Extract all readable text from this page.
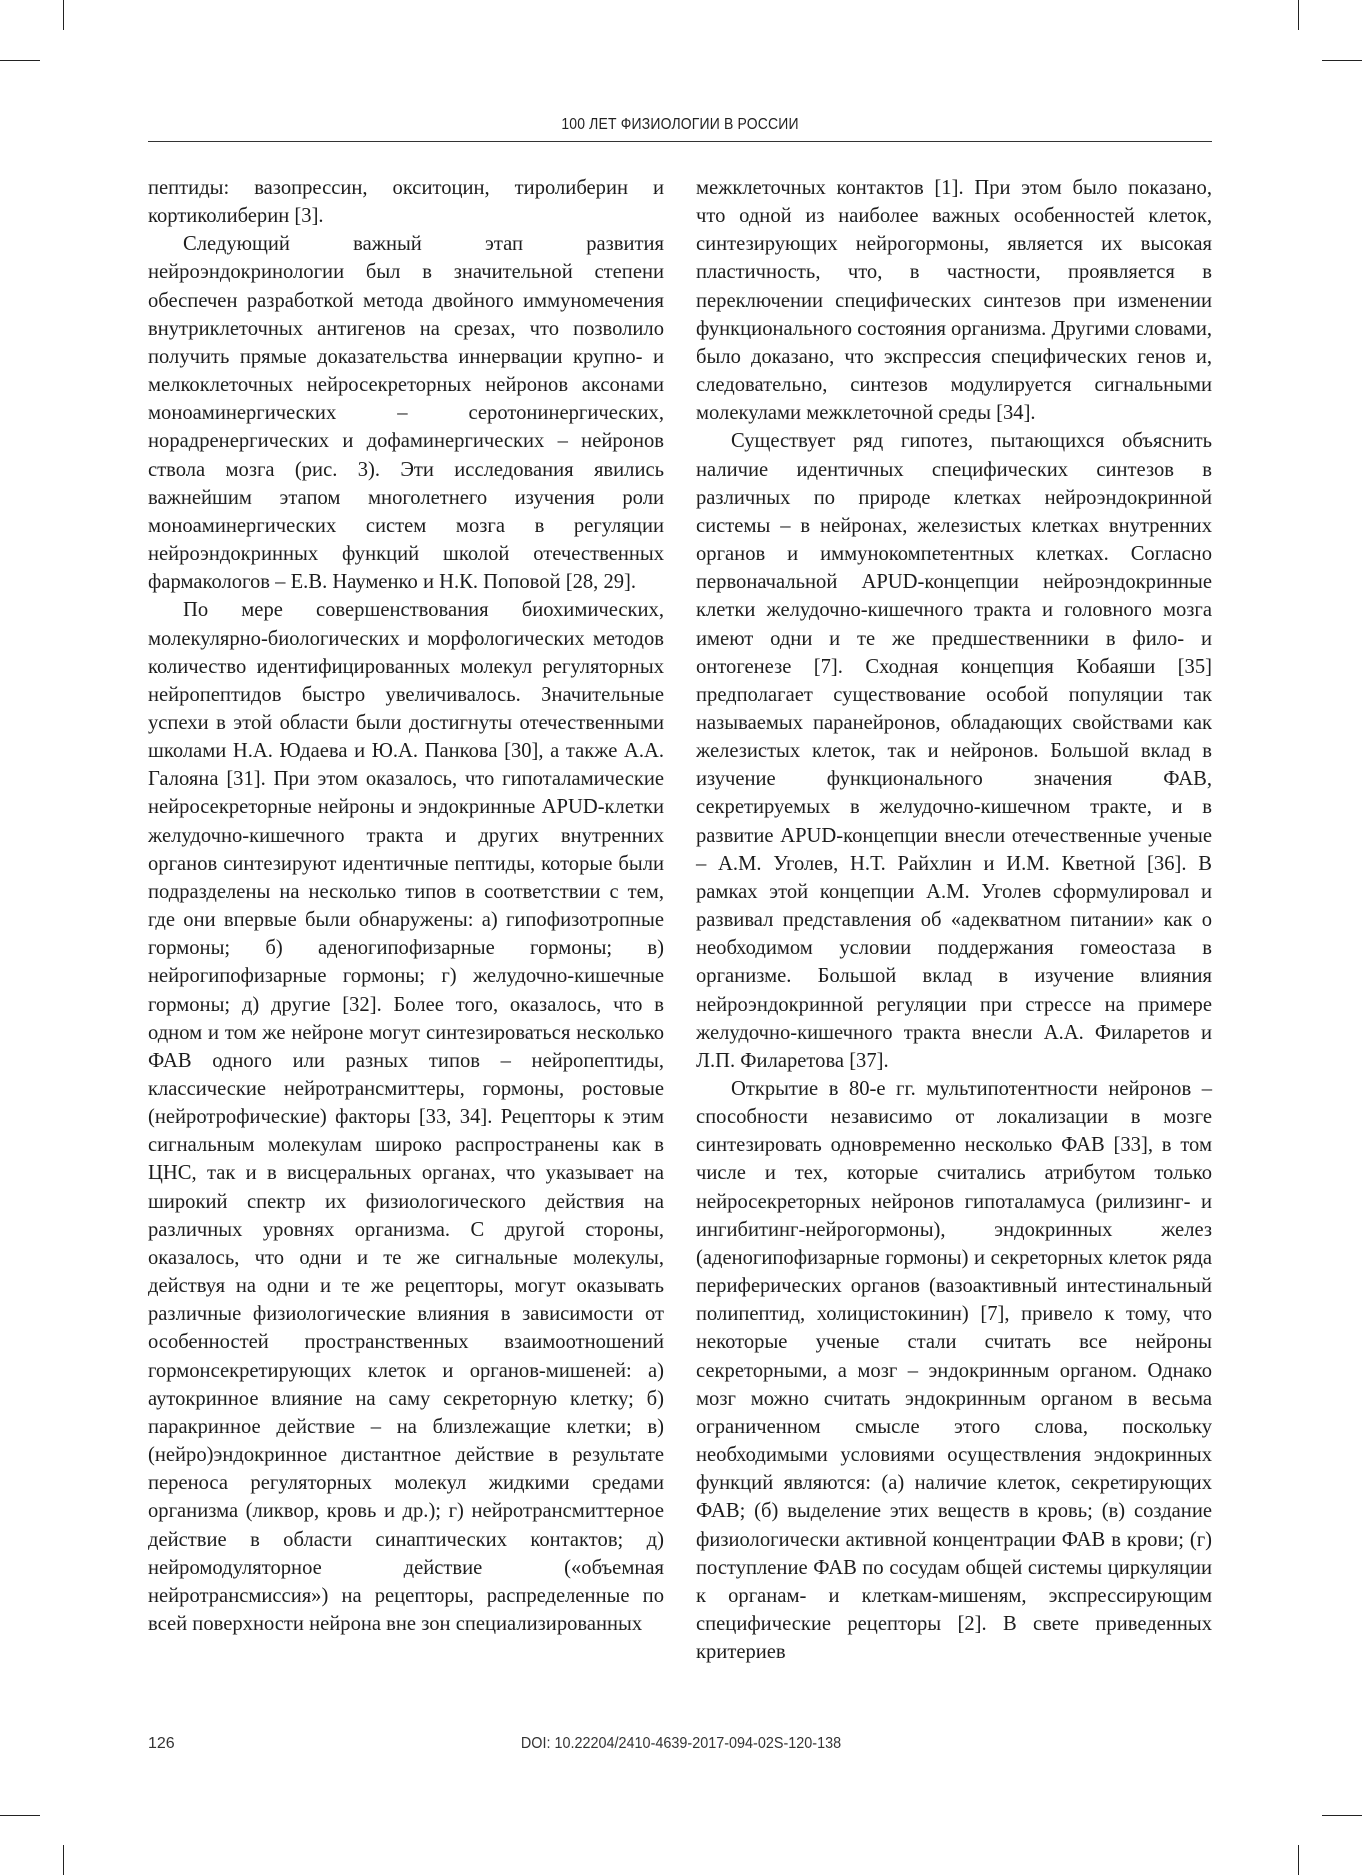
100 ЛЕТ ФИЗИОЛОГИИ В РОССИИ

пептиды: вазопрессин, окситоцин, тиролиберин и кортиколиберин [3].

Следующий важный этап развития нейроэндокринологии был в значительной степени обеспечен разработкой метода двойного иммуномечения внутриклеточных антигенов на срезах, что позволило получить прямые доказательства иннервации крупно- и мелкоклеточных нейросекреторных нейронов аксонами моноаминергических – серотонинергических, норадренергических и дофаминергических – нейронов ствола мозга (рис. 3). Эти исследования явились важнейшим этапом многолетнего изучения роли моноаминергических систем мозга в регуляции нейроэндокринных функций школой отечественных фармакологов – Е.В. Науменко и Н.К. Поповой [28, 29].

По мере совершенствования биохимических, молекулярно-биологических и морфологических методов количество идентифицированных молекул регуляторных нейропептидов быстро увеличивалось. Значительные успехи в этой области были достигнуты отечественными школами Н.А. Юдаева и Ю.А. Панкова [30], а также А.А. Галояна [31]. При этом оказалось, что гипоталамические нейросекреторные нейроны и эндокринные APUD-клетки желудочно-кишечного тракта и других внутренних органов синтезируют идентичные пептиды, которые были подразделены на несколько типов в соответствии с тем, где они впервые были обнаружены: а) гипофизотропные гормоны; б) аденогипофизарные гормоны; в) нейрогипофизарные гормоны; г) желудочно-кишечные гормоны; д) другие [32]. Более того, оказалось, что в одном и том же нейроне могут синтезироваться несколько ФАВ одного или разных типов – нейропептиды, классические нейротрансмиттеры, гормоны, ростовые (нейротрофические) факторы [33, 34]. Рецепторы к этим сигнальным молекулам широко распространены как в ЦНС, так и в висцеральных органах, что указывает на широкий спектр их физиологического действия на различных уровнях организма. С другой стороны, оказалось, что одни и те же сигнальные молекулы, действуя на одни и те же рецепторы, могут оказывать различные физиологические влияния в зависимости от особенностей пространственных взаимоотношений гормонсекретирующих клеток и органов-мишеней: а) аутокринное влияние на саму секреторную клетку; б) паракринное действие – на близлежащие клетки; в) (нейро)эндокринное дистантное действие в результате переноса регуляторных молекул жидкими средами организма (ликвор, кровь и др.); г) нейротрансмиттерное действие в области синаптических контактов; д) нейромодуляторное действие («объемная нейротрансмиссия») на рецепторы, распределенные по всей поверхности нейрона вне зон специализированных

межклеточных контактов [1]. При этом было показано, что одной из наиболее важных особенностей клеток, синтезирующих нейрогормоны, является их высокая пластичность, что, в частности, проявляется в переключении специфических синтезов при изменении функционального состояния организма. Другими словами, было доказано, что экспрессия специфических генов и, следовательно, синтезов модулируется сигнальными молекулами межклеточной среды [34].

Существует ряд гипотез, пытающихся объяснить наличие идентичных специфических синтезов в различных по природе клетках нейроэндокринной системы – в нейронах, железистых клетках внутренних органов и иммунокомпетентных клетках. Согласно первоначальной APUD-концепции нейроэндокринные клетки желудочно-кишечного тракта и головного мозга имеют одни и те же предшественники в фило- и онтогенезе [7]. Сходная концепция Кобаяши [35] предполагает существование особой популяции так называемых паранейронов, обладающих свойствами как железистых клеток, так и нейронов. Большой вклад в изучение функционального значения ФАВ, секретируемых в желудочно-кишечном тракте, и в развитие APUD-концепции внесли отечественные ученые – А.М. Уголев, Н.Т. Райхлин и И.М. Кветной [36]. В рамках этой концепции А.М. Уголев сформулировал и развивал представления об «адекватном питании» как о необходимом условии поддержания гомеостаза в организме. Большой вклад в изучение влияния нейроэндокринной регуляции при стрессе на примере желудочно-кишечного тракта внесли А.А. Филаретов и Л.П. Филаретова [37].

Открытие в 80-е гг. мультипотентности нейронов – способности независимо от локализации в мозге синтезировать одновременно несколько ФАВ [33], в том числе и тех, которые считались атрибутом только нейросекреторных нейронов гипоталамуса (рилизинг- и ингибитинг-нейрогормоны), эндокринных желез (аденогипофизарные гормоны) и секреторных клеток ряда периферических органов (вазоактивный интестинальный полипептид, холицистокинин) [7], привело к тому, что некоторые ученые стали считать все нейроны секреторными, а мозг – эндокринным органом. Однако мозг можно считать эндокринным органом в весьма ограниченном смысле этого слова, поскольку необходимыми условиями осуществления эндокринных функций являются: (а) наличие клеток, секретирующих ФАВ; (б) выделение этих веществ в кровь; (в) создание физиологически активной концентрации ФАВ в крови; (г) поступление ФАВ по сосудам общей системы циркуляции к органам- и клеткам-мишеням, экспрессирующим специфические рецепторы [2]. В свете приведенных критериев

126	DOI: 10.22204/2410-4639-2017-094-02S-120-138
